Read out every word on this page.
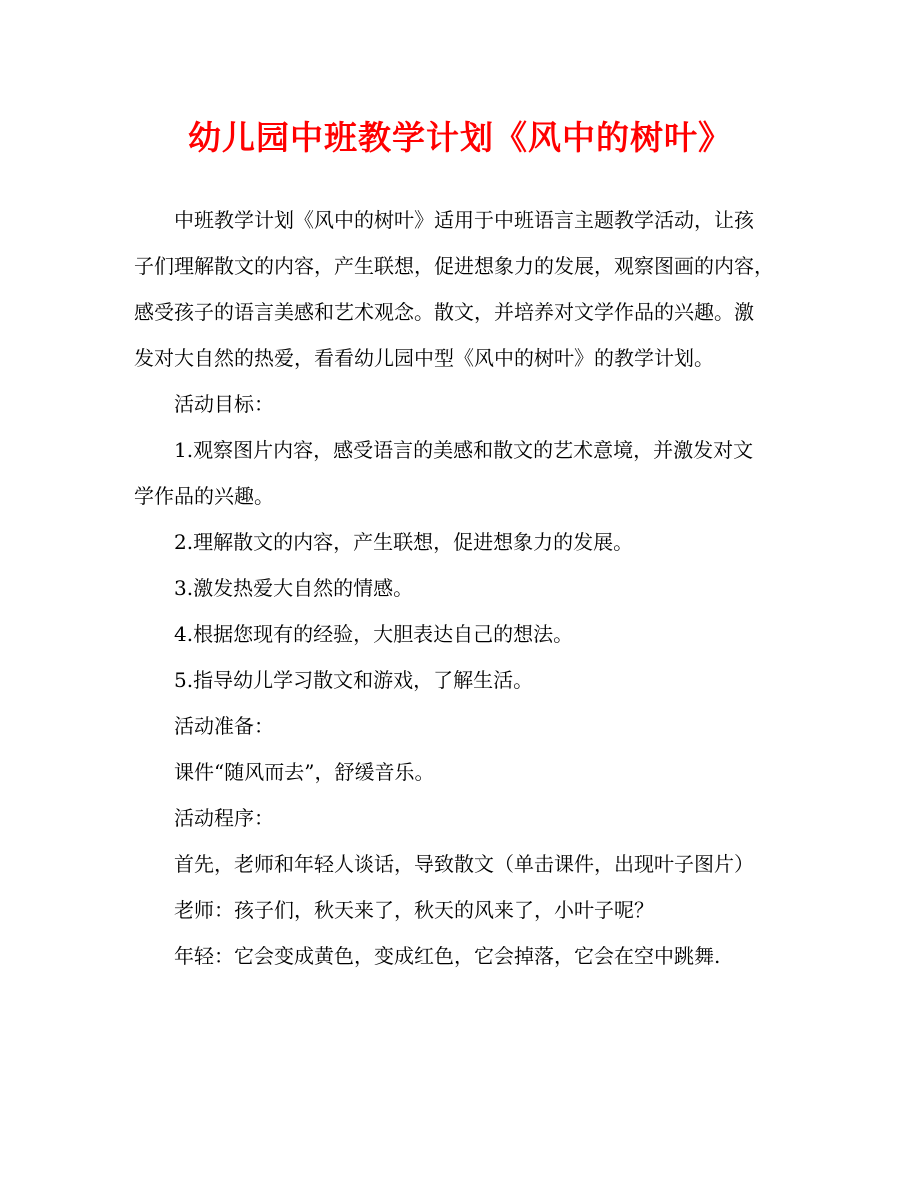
幼儿园中班教学计划《风中的树叶》

中班教学计划《风中的树叶》适用于中班语言主题教学活动，让孩

子们理解散文的内容，产生联想，促进想象力的发展，观察图画的内容，

感受孩子的语言美感和艺术观念。散文，并培养对文学作品的兴趣。激

发对大自然的热爱，看看幼儿园中型《风中的树叶》的教学计划。

活动目标：

1.观察图片内容，感受语言的美感和散文的艺术意境，并激发对文

学作品的兴趣。

2.理解散文的内容，产生联想，促进想象力的发展。

3.激发热爱大自然的情感。

4.根据您现有的经验，大胆表达自己的想法。

5.指导幼儿学习散文和游戏，了解生活。

活动准备：

课件“随风而去”，舒缓音乐。

活动程序：

首先，老师和年轻人谈话，导致散文（单击课件，出现叶子图片）

老师：孩子们，秋天来了，秋天的风来了，小叶子呢？

年轻：它会变成黄色，变成红色，它会掉落，它会在空中跳舞.
